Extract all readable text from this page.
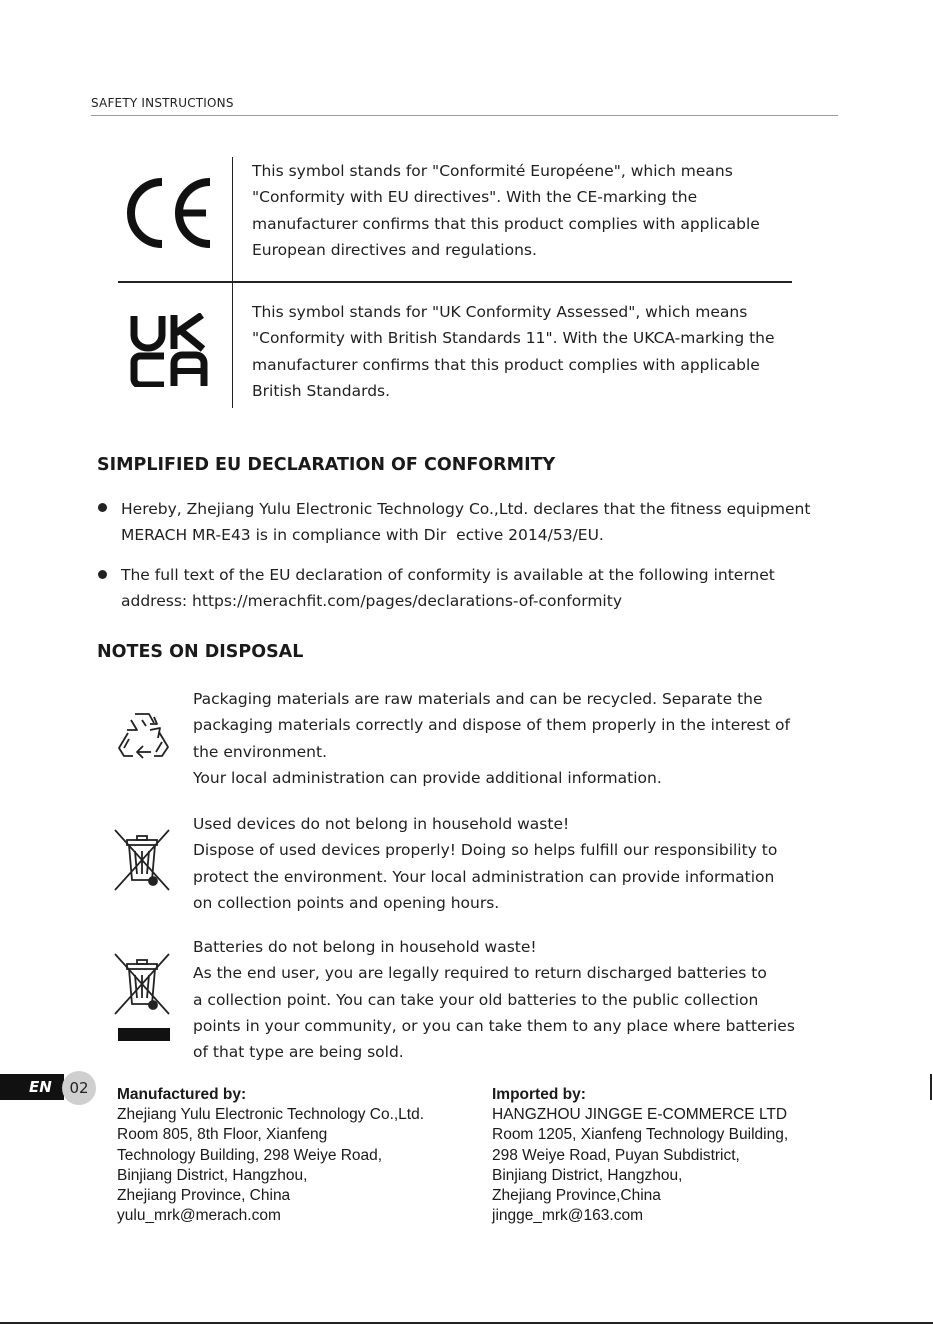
SAFETY INSTRUCTIONS
This symbol stands for "Conformité Européene", which means "Conformity with EU directives". With the CE-marking the manufacturer confirms that this product complies with applicable European directives and regulations.
This symbol stands for "UK Conformity Assessed", which means "Conformity with British Standards 11". With the UKCA-marking the manufacturer confirms that this product complies with applicable British Standards.
SIMPLIFIED EU DECLARATION OF CONFORMITY
Hereby, Zhejiang Yulu Electronic Technology Co.,Ltd. declares that the fitness equipment MERACH MR-E43 is in compliance with Dir  ective 2014/53/EU.
The full text of the EU declaration of conformity is available at the following internet address: https://merachfit.com/pages/declarations-of-conformity
NOTES ON DISPOSAL
Packaging materials are raw materials and can be recycled. Separate the
packaging materials correctly and dispose of them properly in the interest of
the environment.
Your local administration can provide additional information.
Used devices do not belong in household waste!
Dispose of used devices properly! Doing so helps fulfill our responsibility to
protect the environment. Your local administration can provide information
on collection points and opening hours.
Batteries do not belong in household waste!
As the end user, you are legally required to return discharged batteries to
a collection point. You can take your old batteries to the public collection
points in your community, or you can take them to any place where batteries
of that type are being sold.
EN	02	Manufactured by:
Zhejiang Yulu Electronic Technology Co.,Ltd.
Room 805, 8th Floor, Xianfeng
Technology Building, 298 Weiye Road,
Binjiang District, Hangzhou,
Zhejiang Province, China
yulu_mrk@merach.com
Imported by:
HANGZHOU JINGGE E-COMMERCE LTD
Room 1205, Xianfeng Technology Building,
298 Weiye Road, Puyan Subdistrict,
Binjiang District, Hangzhou,
Zhejiang Province,China
jingge_mrk@163.com
